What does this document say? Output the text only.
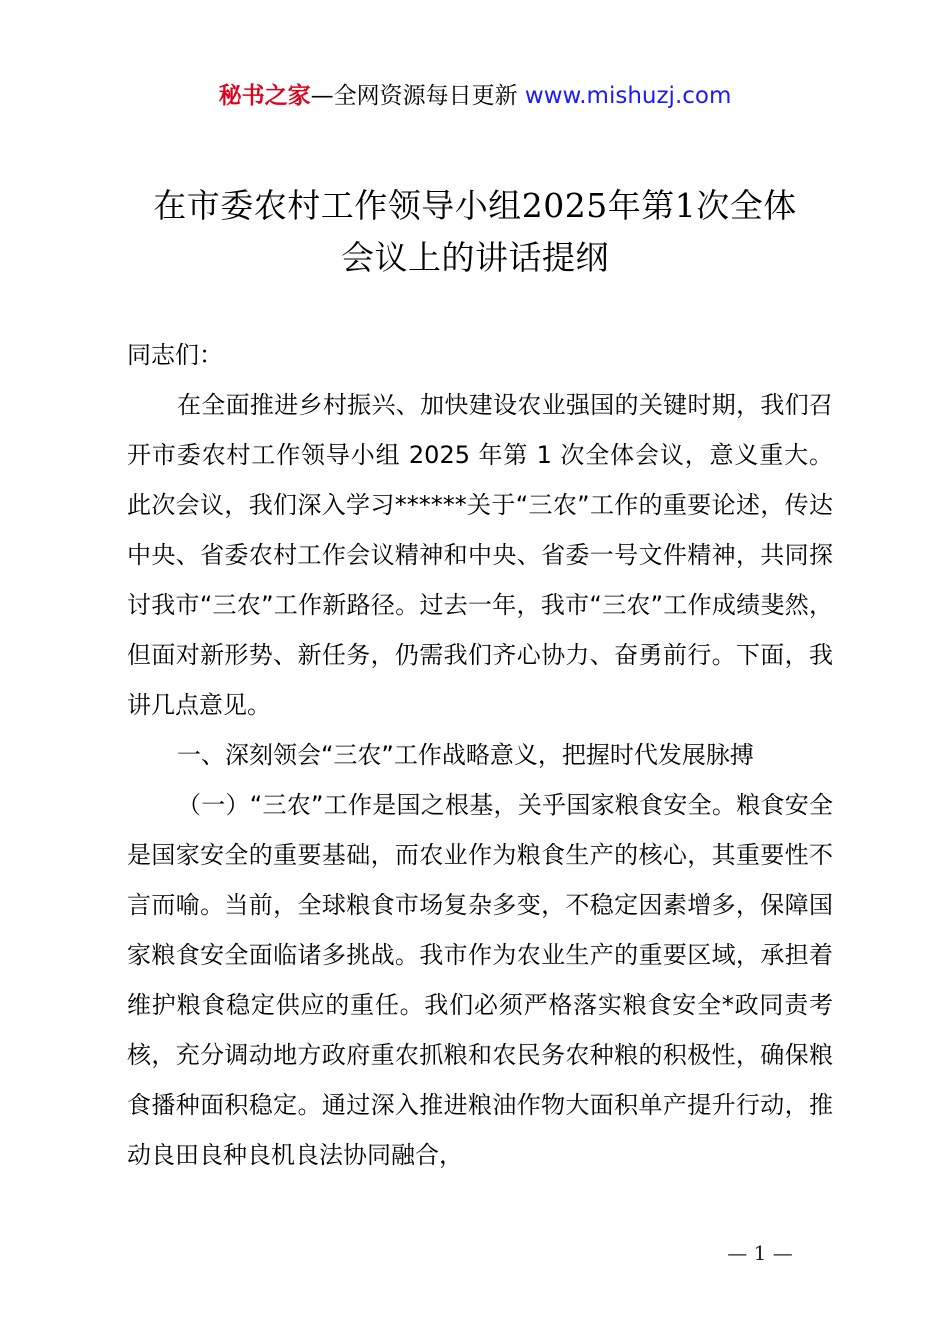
秘书之家—全网资源每日更新 www.mishuzj.com
在市委农村工作领导小组2025年第1次全体
会议上的讲话提纲

同志们：

在全面推进乡村振兴、加快建设农业强国的关键时期，我们召开市委农村工作领导小组 2025 年第 1 次全体会议，意义重大。此次会议，我们深入学习******关于“三农”工作的重要论述，传达中央、省委农村工作会议精神和中央、省委一号文件精神，共同探讨我市“三农”工作新路径。过去一年，我市“三农”工作成绩斐然，但面对新形势、新任务，仍需我们齐心协力、奋勇前行。下面，我讲几点意见。

一、深刻领会“三农”工作战略意义，把握时代发展脉搏

（一）“三农”工作是国之根基，关乎国家粮食安全。粮食安全是国家安全的重要基础，而农业作为粮食生产的核心，其重要性不言而喻。当前，全球粮食市场复杂多变，不稳定因素增多，保障国家粮食安全面临诸多挑战。我市作为农业生产的重要区域，承担着维护粮食稳定供应的重任。我们必须严格落实粮食安全*政同责考核，充分调动地方政府重农抓粮和农民务农种粮的积极性，确保粮食播种面积稳定。通过深入推进粮油作物大面积单产提升行动，推动良田良种良机良法协同融合，

— 1 —
